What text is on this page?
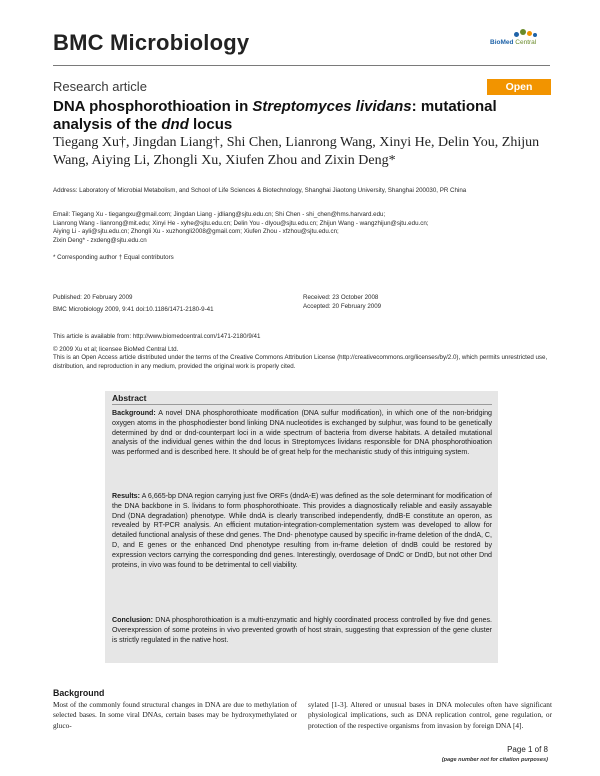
BMC Microbiology	BioMed Central
Research article	Open Access
DNA phosphorothioation in Streptomyces lividans: mutational analysis of the dnd locus
Tiegang Xu†, Jingdan Liang†, Shi Chen, Lianrong Wang, Xinyi He, Delin You, Zhijun Wang, Aiying Li, Zhongli Xu, Xiufen Zhou and Zixin Deng*
Address: Laboratory of Microbial Metabolism, and School of Life Sciences & Biotechnology, Shanghai Jiaotong University, Shanghai 200030, PR China
Email: Tiegang Xu - tiegangxu@gmail.com; Jingdan Liang - jdliang@sjtu.edu.cn; Shi Chen - shi_chen@hms.harvard.edu;
Lianrong Wang - lianrong@mit.edu; Xinyi He - xyhe@sjtu.edu.cn; Delin You - dlyou@sjtu.edu.cn; Zhijun Wang - wangzhijun@sjtu.edu.cn;
Aiying Li - ayli@sjtu.edu.cn; Zhongli Xu - xuzhongli2008@gmail.com; Xiufen Zhou - xfzhou@sjtu.edu.cn;
Zixin Deng* - zxdeng@sjtu.edu.cn
* Corresponding author † Equal contributors
Published: 20 February 2009
BMC Microbiology 2009, 9:41 doi:10.1186/1471-2180-9-41
Received: 23 October 2008
Accepted: 20 February 2009
This article is available from: http://www.biomedcentral.com/1471-2180/9/41
© 2009 Xu et al; licensee BioMed Central Ltd.
This is an Open Access article distributed under the terms of the Creative Commons Attribution License (http://creativecommons.org/licenses/by/2.0), which permits unrestricted use, distribution, and reproduction in any medium, provided the original work is properly cited.
Abstract
Background: A novel DNA phosphorothioate modification (DNA sulfur modification), in which one of the non-bridging oxygen atoms in the phosphodiester bond linking DNA nucleotides is exchanged by sulphur, was found to be genetically determined by dnd or dnd-counterpart loci in a wide spectrum of bacteria from diverse habitats. A detailed mutational analysis of the individual genes within the dnd locus in Streptomyces lividans responsible for DNA phosphorothioation was performed and is described here. It should be of great help for the mechanistic study of this intriguing system.
Results: A 6,665-bp DNA region carrying just five ORFs (dndA-E) was defined as the sole determinant for modification of the DNA backbone in S. lividans to form phosphorothioate. This provides a diagnostically reliable and easily assayable Dnd (DNA degradation) phenotype. While dndA is clearly transcribed independently, dndB-E constitute an operon, as revealed by RT-PCR analysis. An efficient mutation-integration-complementation system was developed to allow for detailed functional analysis of these dnd genes. The Dnd- phenotype caused by specific in-frame deletion of the dndA, C, D, and E genes or the enhanced Dnd phenotype resulting from in-frame deletion of dndB could be restored by expression vectors carrying the corresponding dnd genes. Interestingly, overdosage of DndC or DndD, but not other Dnd proteins, in vivo was found to be detrimental to cell viability.
Conclusion: DNA phosphorothioation is a multi-enzymatic and highly coordinated process controlled by five dnd genes. Overexpression of some proteins in vivo prevented growth of host strain, suggesting that expression of the gene cluster is strictly regulated in the native host.
Background
Most of the commonly found structural changes in DNA are due to methylation of selected bases. In some viral DNAs, certain bases may be hydroxymethylated or gluco-
sylated [1-3]. Altered or unusual bases in DNA molecules often have significant physiological implications, such as DNA replication control, gene regulation, or protection of the respective organisms from invasion by foreign DNA [4].
Page 1 of 8
(page number not for citation purposes)
